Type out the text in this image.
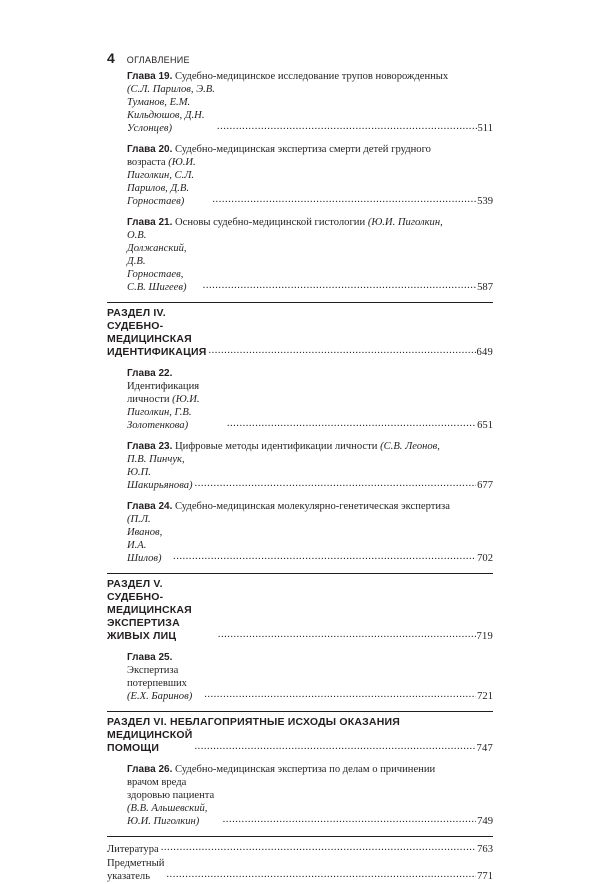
4 ОГЛАВЛЕНИЕ
Глава 19. Судебно-медицинское исследование трупов новорожденных
(С.Л. Парилов, Э.В. Туманов, Е.М. Кильдюшов, Д.Н. Услонцев) .....	511
Глава 20. Судебно-медицинская экспертиза смерти детей грудного
возраста (Ю.И. Пиголкин, С.Л. Парилов, Д.В. Горностаев) .....	539
Глава 21. Основы судебно-медицинской гистологии (Ю.И. Пиголкин,
О.В. Должанский, Д.В. Горностаев, С.В. Шигеев) .....	587
РАЗДЕЛ IV. СУДЕБНО-МЕДИЦИНСКАЯ ИДЕНТИФИКАЦИЯ .....	649
Глава 22. Идентификация личности (Ю.И. Пиголкин, Г.В. Золотенкова) .....	651
Глава 23. Цифровые методы идентификации личности (С.В. Леонов,
П.В. Пинчук, Ю.П. Шакирьянова) .....	677
Глава 24. Судебно-медицинская молекулярно-генетическая экспертиза
(П.Л. Иванов, И.А. Шилов) .....	702
РАЗДЕЛ V. СУДЕБНО-МЕДИЦИНСКАЯ ЭКСПЕРТИЗА ЖИВЫХ ЛИЦ .....	719
Глава 25. Экспертиза потерпевших (Е.Х. Баринов) .....	721
РАЗДЕЛ VI. НЕБЛАГОПРИЯТНЫЕ ИСХОДЫ ОКАЗАНИЯ
МЕДИЦИНСКОЙ ПОМОЩИ .....	747
Глава 26. Судебно-медицинская экспертиза по делам о причинении
врачом вреда здоровью пациента (В.В. Альшевский, Ю.И. Пиголкин) .....	749
Литература .....	763
Предметный указатель .....	771
